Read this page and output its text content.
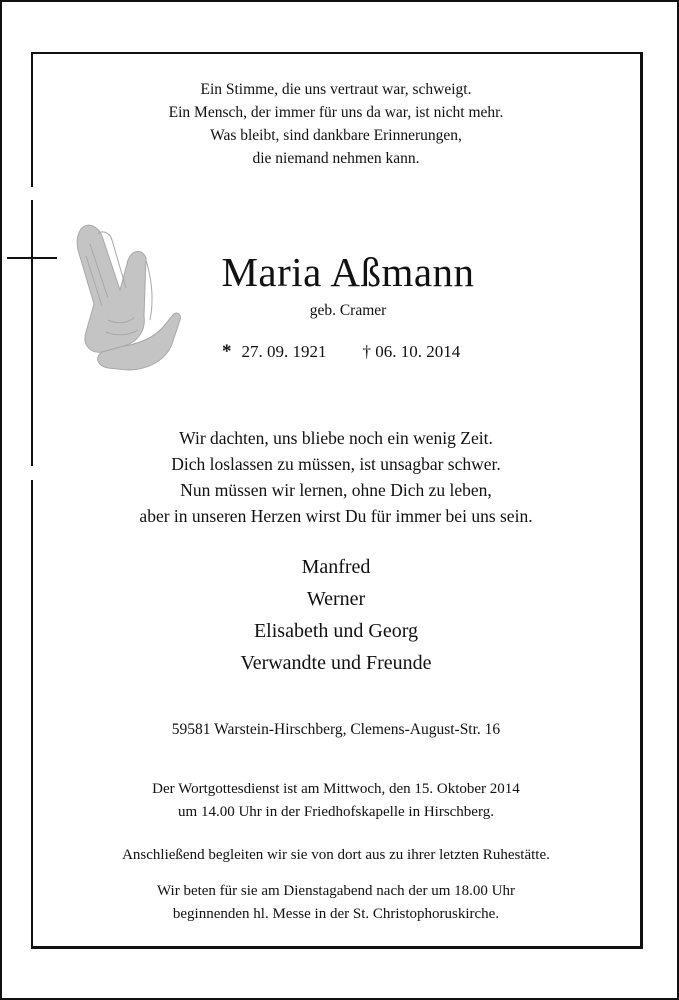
Ein Stimme, die uns vertraut war, schweigt.
Ein Mensch, der immer für uns da war, ist nicht mehr.
Was bleibt, sind dankbare Erinnerungen,
die niemand nehmen kann.
Maria Aßmann
geb. Cramer
* 27. 09. 1921 † 06. 10. 2014
Wir dachten, uns bliebe noch ein wenig Zeit.
Dich loslassen zu müssen, ist unsagbar schwer.
Nun müssen wir lernen, ohne Dich zu leben,
aber in unseren Herzen wirst Du für immer bei uns sein.
Manfred
Werner
Elisabeth und Georg
Verwandte und Freunde
59581 Warstein-Hirschberg, Clemens-August-Str. 16
Der Wortgottesdienst ist am Mittwoch, den 15. Oktober 2014
um 14.00 Uhr in der Friedhofskapelle in Hirschberg.
Anschließend begleiten wir sie von dort aus zu ihrer letzten Ruhestätte.
Wir beten für sie am Dienstagabend nach der um 18.00 Uhr
beginnenden hl. Messe in der St. Christophoruskirche.
